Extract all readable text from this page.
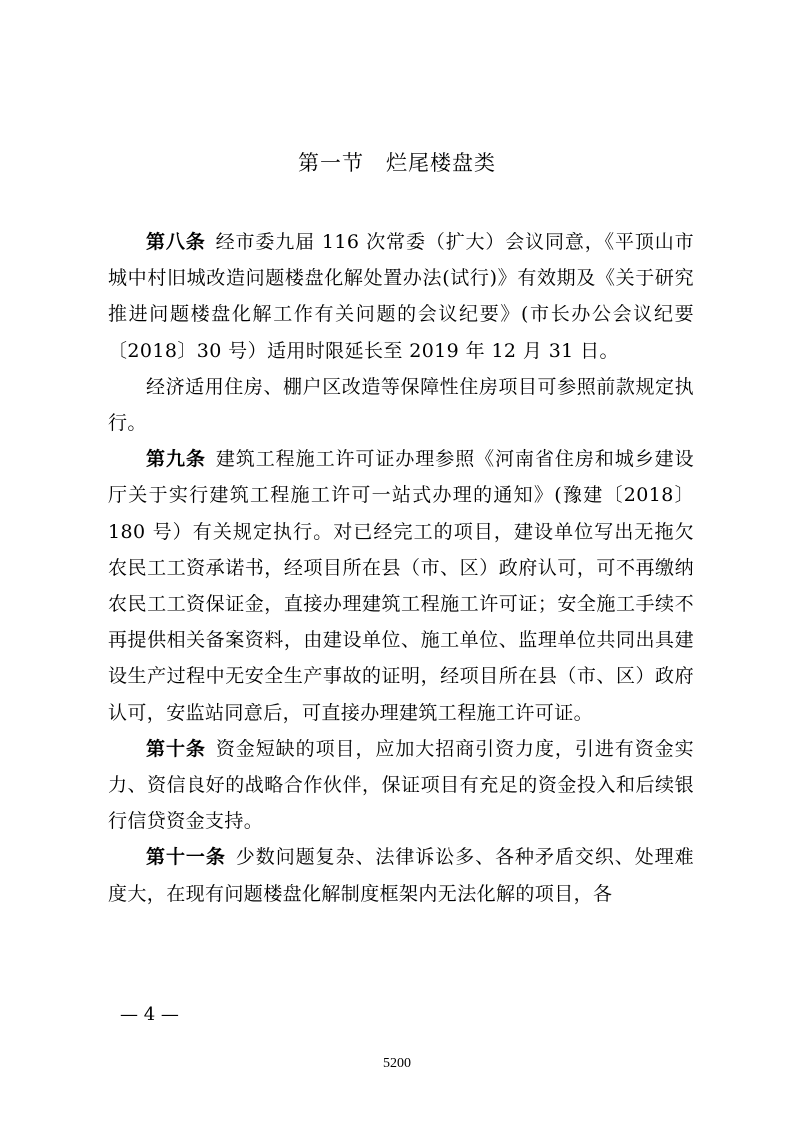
第一节　烂尾楼盘类

第八条 经市委九届 116 次常委（扩大）会议同意，《平顶山市城中村旧城改造问题楼盘化解处置办法(试行)》有效期及《关于研究推进问题楼盘化解工作有关问题的会议纪要》(市长办公会议纪要〔2018〕30 号）适用时限延长至 2019 年 12 月 31 日。

经济适用住房、棚户区改造等保障性住房项目可参照前款规定执行。

第九条 建筑工程施工许可证办理参照《河南省住房和城乡建设厅关于实行建筑工程施工许可一站式办理的通知》(豫建〔2018〕180 号）有关规定执行。对已经完工的项目，建设单位写出无拖欠农民工工资承诺书，经项目所在县（市、区）政府认可，可不再缴纳农民工工资保证金，直接办理建筑工程施工许可证；安全施工手续不再提供相关备案资料，由建设单位、施工单位、监理单位共同出具建设生产过程中无安全生产事故的证明，经项目所在县（市、区）政府认可，安监站同意后，可直接办理建筑工程施工许可证。

第十条 资金短缺的项目，应加大招商引资力度，引进有资金实力、资信良好的战略合作伙伴，保证项目有充足的资金投入和后续银行信贷资金支持。

第十一条 少数问题复杂、法律诉讼多、各种矛盾交织、处理难度大，在现有问题楼盘化解制度框架内无法化解的项目，各

— 4 —
5200
